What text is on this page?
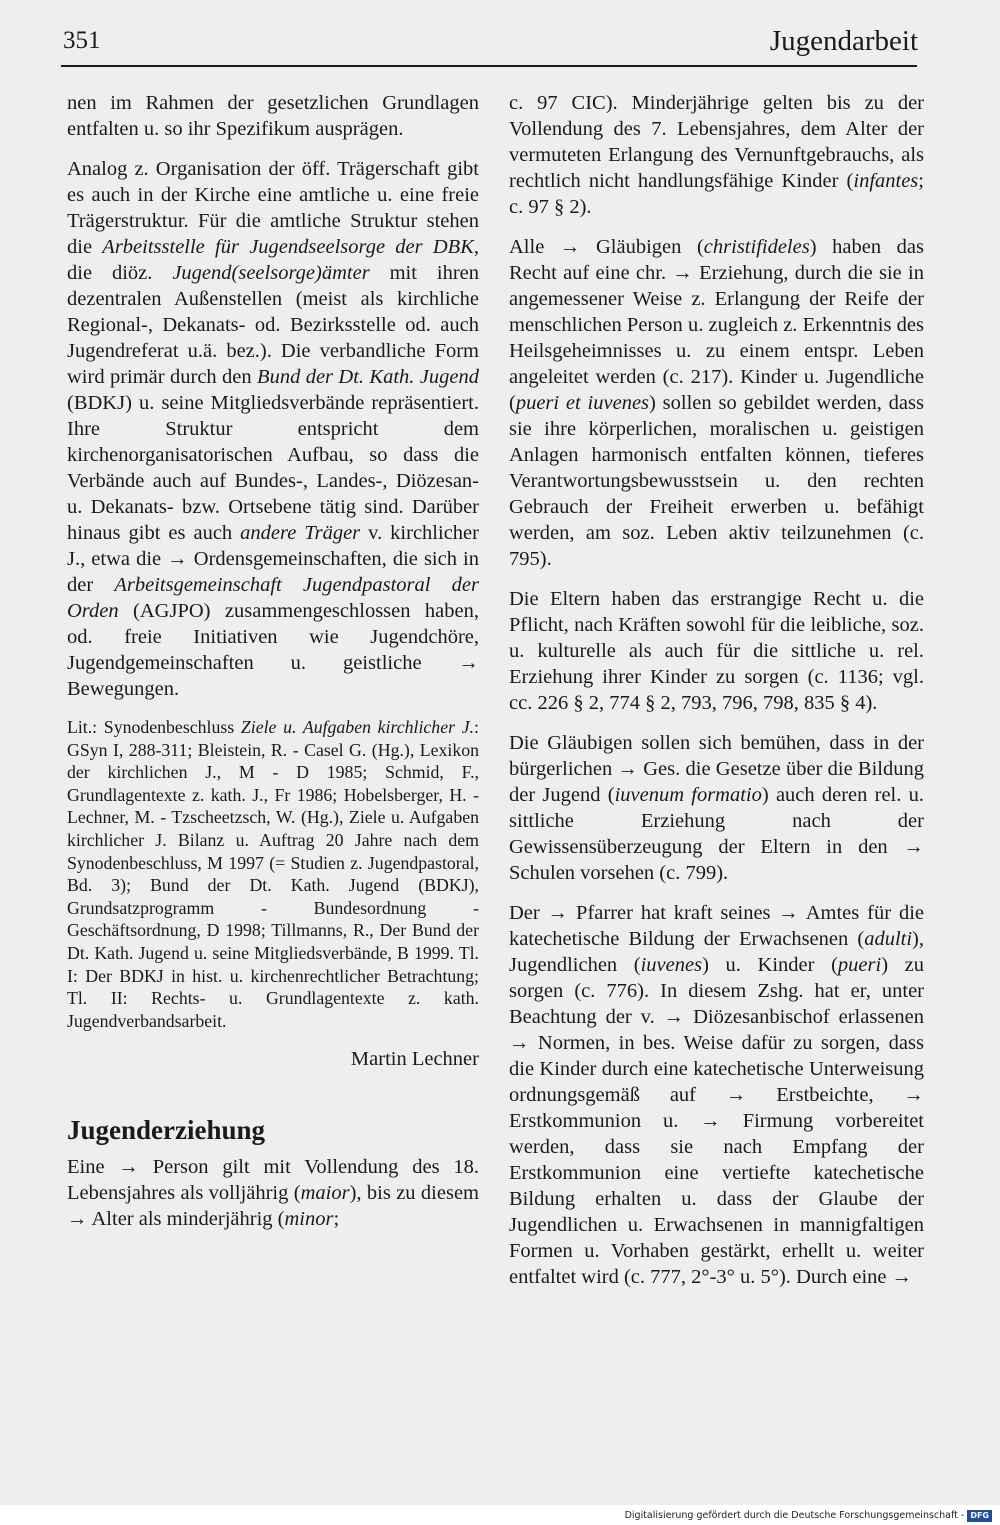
351	Jugendarbeit

nen im Rahmen der gesetzlichen Grundlagen entfalten u. so ihr Spezifikum ausprägen.

Analog z. Organisation der öff. Trägerschaft gibt es auch in der Kirche eine amtliche u. eine freie Trägerstruktur. Für die amtliche Struktur stehen die Arbeitsstelle für Jugendseelsorge der DBK, die diöz. Jugend(seelsorge)ämter mit ihren dezentralen Außenstellen (meist als kirchliche Regional-, Dekanats- od. Bezirksstelle od. auch Jugendreferat u.ä. bez.). Die verbandliche Form wird primär durch den Bund der Dt. Kath. Jugend (BDKJ) u. seine Mitgliedsverbände repräsentiert. Ihre Struktur entspricht dem kirchenorganisatorischen Aufbau, so dass die Verbände auch auf Bundes-, Landes-, Diözesan- u. Dekanats- bzw. Ortsebene tätig sind. Darüber hinaus gibt es auch andere Träger v. kirchlicher J., etwa die → Ordensgemeinschaften, die sich in der Arbeitsgemeinschaft Jugendpastoral der Orden (AGJPO) zusammengeschlossen haben, od. freie Initiativen wie Jugendchöre, Jugendgemeinschaften u. geistliche → Bewegungen.

Lit.: Synodenbeschluss Ziele u. Aufgaben kirchlicher J.: GSyn I, 288-311; Bleistein, R. - Casel G. (Hg.), Lexikon der kirchlichen J., M - D 1985; Schmid, F., Grundlagentexte z. kath. J., Fr 1986; Hobelsberger, H. - Lechner, M. - Tzscheetzsch, W. (Hg.), Ziele u. Aufgaben kirchlicher J. Bilanz u. Auftrag 20 Jahre nach dem Synodenbeschluss, M 1997 (= Studien z. Jugendpastoral, Bd. 3); Bund der Dt. Kath. Jugend (BDKJ), Grundsatzprogramm - Bundesordnung - Geschäftsordnung, D 1998; Tillmanns, R., Der Bund der Dt. Kath. Jugend u. seine Mitgliedsverbände, B 1999. Tl. I: Der BDKJ in hist. u. kirchenrechtlicher Betrachtung; Tl. II: Rechts- u. Grundlagentexte z. kath. Jugendverbandsarbeit.

Martin Lechner
Jugenderziehung

Eine → Person gilt mit Vollendung des 18. Lebensjahres als volljährig (maior), bis zu diesem → Alter als minderjährig (minor;

c. 97 CIC). Minderjährige gelten bis zu der Vollendung des 7. Lebensjahres, dem Alter der vermuteten Erlangung des Vernunftgebrauchs, als rechtlich nicht handlungsfähige Kinder (infantes; c. 97 § 2).

Alle → Gläubigen (christifideles) haben das Recht auf eine chr. → Erziehung, durch die sie in angemessener Weise z. Erlangung der Reife der menschlichen Person u. zugleich z. Erkenntnis des Heilsgeheimnisses u. zu einem entspr. Leben angeleitet werden (c. 217). Kinder u. Jugendliche (pueri et iuvenes) sollen so gebildet werden, dass sie ihre körperlichen, moralischen u. geistigen Anlagen harmonisch entfalten können, tieferes Verantwortungsbewusstsein u. den rechten Gebrauch der Freiheit erwerben u. befähigt werden, am soz. Leben aktiv teilzunehmen (c. 795).

Die Eltern haben das erstrangige Recht u. die Pflicht, nach Kräften sowohl für die leibliche, soz. u. kulturelle als auch für die sittliche u. rel. Erziehung ihrer Kinder zu sorgen (c. 1136; vgl. cc. 226 § 2, 774 § 2, 793, 796, 798, 835 § 4).

Die Gläubigen sollen sich bemühen, dass in der bürgerlichen → Ges. die Gesetze über die Bildung der Jugend (iuvenum formatio) auch deren rel. u. sittliche Erziehung nach der Gewissensüberzeugung der Eltern in den → Schulen vorsehen (c. 799).

Der → Pfarrer hat kraft seines → Amtes für die katechetische Bildung der Erwachsenen (adulti), Jugendlichen (iuvenes) u. Kinder (pueri) zu sorgen (c. 776). In diesem Zshg. hat er, unter Beachtung der v. → Diözesanbischof erlassenen → Normen, in bes. Weise dafür zu sorgen, dass die Kinder durch eine katechetische Unterweisung ordnungsgemäß auf → Erstbeichte, → Erstkommunion u. → Firmung vorbereitet werden, dass sie nach Empfang der Erstkommunion eine vertiefte katechetische Bildung erhalten u. dass der Glaube der Jugendlichen u. Erwachsenen in mannigfaltigen Formen u. Vorhaben gestärkt, erhellt u. weiter entfaltet wird (c. 777, 2°-3° u. 5°). Durch eine →

Digitalisierung gefördert durch die Deutsche Forschungsgemeinschaft - DFG
